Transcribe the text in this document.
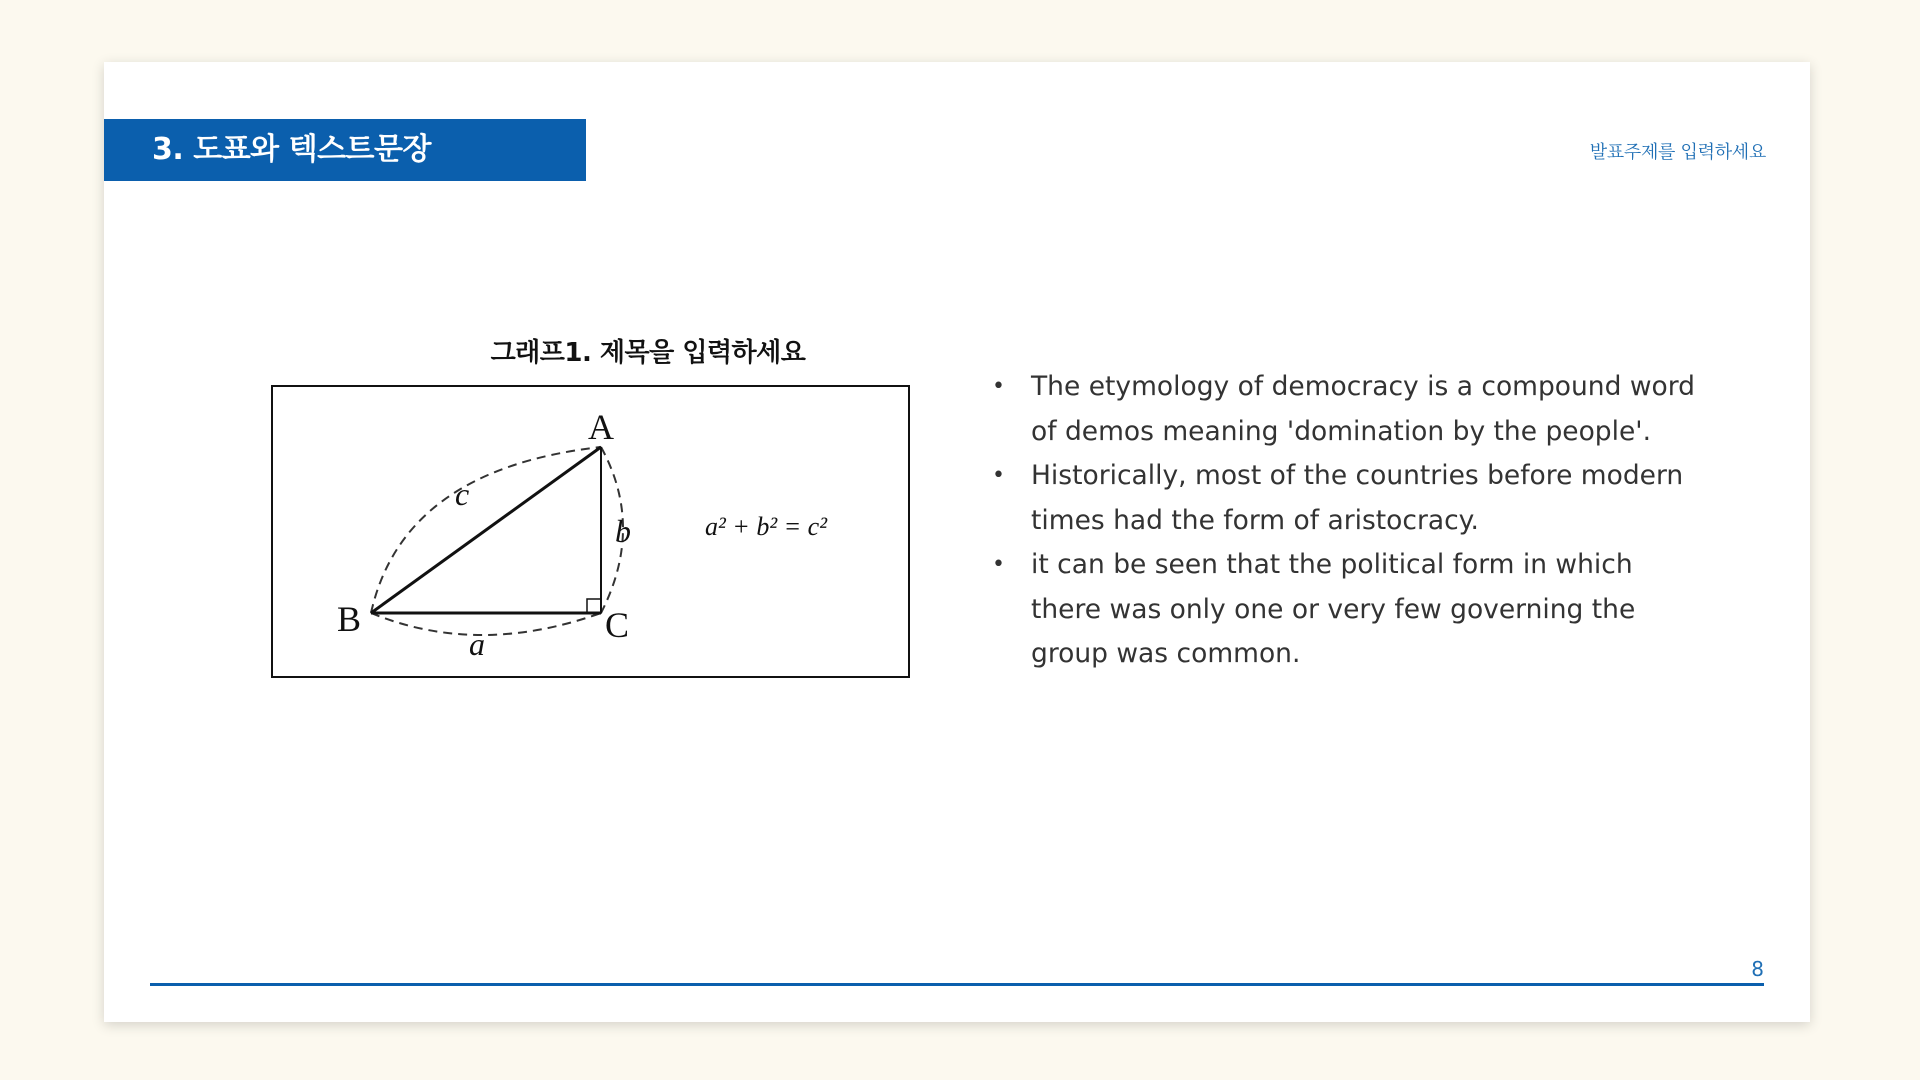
3. 도표와 텍스트문장	발표주제를 입력하세요
그래프1. 제목을 입력하세요
A
B	C
a
b
c
a² + b² = c²
• The etymology of democracy is a compound word
of demos meaning 'domination by the people'.
• Historically, most of the countries before modern
times had the form of aristocracy.
• it can be seen that the political form in which
there was only one or very few governing the
group was common.
8
